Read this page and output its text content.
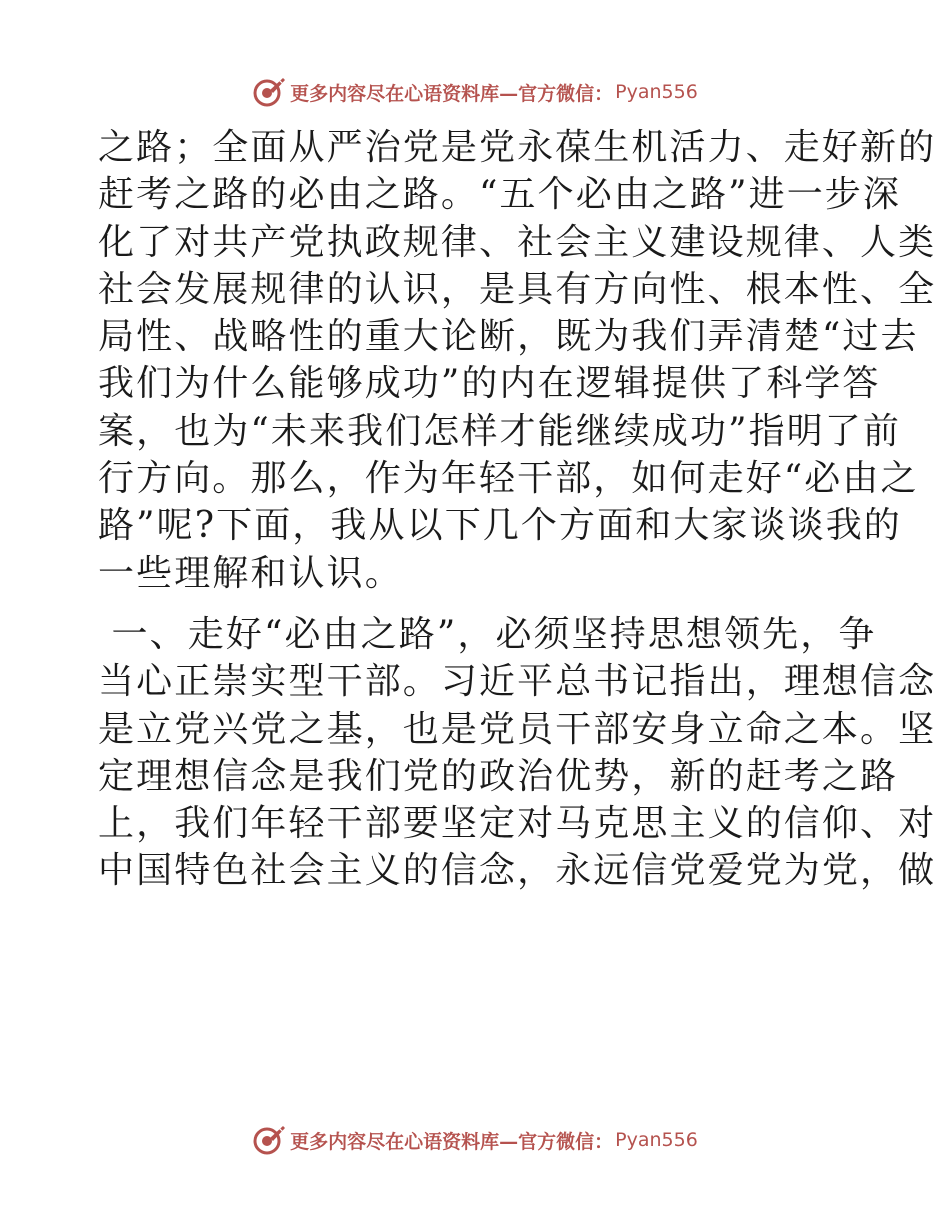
更多内容尽在心语资料库—官方微信： Pyan556
之路；全面从严治党是党永葆生机活力、走好新的
赶考之路的必由之路。“五个必由之路”进一步深
化了对共产党执政规律、社会主义建设规律、人类
社会发展规律的认识，是具有方向性、根本性、全
局性、战略性的重大论断，既为我们弄清楚“过去
我们为什么能够成功”的内在逻辑提供了科学答
案，也为“未来我们怎样才能继续成功”指明了前
行方向。那么，作为年轻干部，如何走好“必由之
路”呢?下面，我从以下几个方面和大家谈谈我的
一些理解和认识。
一、走好“必由之路”，必须坚持思想领先，争
当心正崇实型干部。习近平总书记指出，理想信念
是立党兴党之基，也是党员干部安身立命之本。坚
定理想信念是我们党的政治优势，新的赶考之路
上，我们年轻干部要坚定对马克思主义的信仰、对
中国特色社会主义的信念，永远信党爱党为党，做
更多内容尽在心语资料库—官方微信： Pyan556
